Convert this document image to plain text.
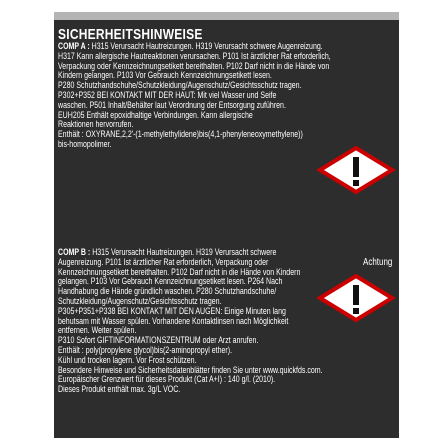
SICHERHEITSHINWEISE

COMP A : H315 Verursacht Hautreizungen. H319 Verursacht schwere Augenreizung.

H317 Kann allergische Hautreaktionen verursachen. P101 Ist ärztlicher Rat erforderlich,

Verpackung oder Kennzeichnungsetikett bereithalten. P102 Darf nicht in die Hände von

Kindern gelangen. P103 Vor Gebrauch Kennzeichnungsetikett lesen.

P280 Schutzhandschuhe/Schutzkleidung/Augenschutz/Gesichtsschutz tragen.

P302+P352 BEI KONTAKT MIT DER HAUT: Mit viel Wasser und Seife

waschen. P501 Inhalt/Behälter laut Verordnung der Entsorgung zuführen.

EUH205 Enthält epoxidhaltige Verbindungen. Kann allergische

Reaktionen hervorrufen.

Enthält : OXYRANE,2,2'-(1-methylethylidene)bis(4,1-phenyleneoxymethylene))

bis-homopolimer.

COMP B : H315 Verursacht Hautreizungen. H319 Verursacht schwere

Augenreizung. P101 Ist ärztlicher Rat erforderlich, Verpackung oder

Kennzeichnungsetikett bereithalten. P102 Darf nicht in die Hände von Kindern

gelangen. P103 Vor Gebrauch Kennzeichnungsetikett lesen. P264 Nach

Handhabung die Hände gründlich waschen. P280 Schutzhandschuhe/

Schutzkleidung/Augenschutz/Gesichtsschutz tragen.

P305+P351+P338 BEI KONTAKT MIT DEN AUGEN: Einige Minuten lang

behutsam mit Wasser spülen. Vorhandene Kontaktlinsen nach Möglichkeit

entfernen. Weiter spülen.

P310 Sofort GIFTINFORMATIONSZENTRUM oder Arzt anrufen.

Enthält : poly(propylene glycol)bis(2-aminopropyl ether).

Kühl und trocken lagern. Vor Frost schützen.

Besondere Hinweise und Sicherheitsdatenblätter finden Sie unter www.quickfds.com.

Europäischer Grenzwert für dieses Produkt (Cat A+I) : 140 g/l. (2010).

Dieses Produkt enthält max. 3g/L VOC.

Achtung
